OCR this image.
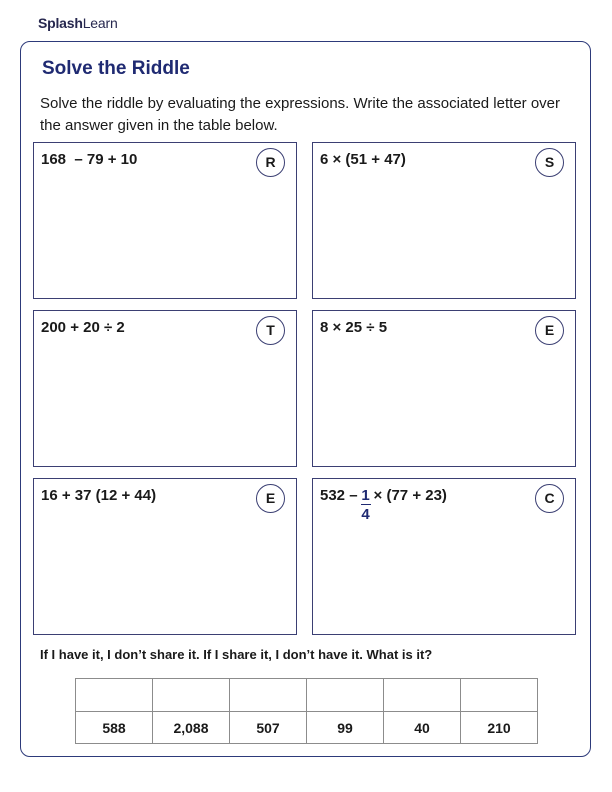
SplashLearn
Solve the Riddle
Solve the riddle by evaluating the expressions. Write the associated letter over the answer given in the table below.
168  – 79 + 10	R	6 × (51 + 47)	S
200 + 20 ÷ 2	T	8 × 25 ÷ 5	E
16 + 37 (12 + 44)	E	$532 - \frac{1}{4} \times (77 + 23)$	C
If I have it, I don’t share it. If I share it, I don’t have it. What is it?

588	2,088	507	99	40	210
